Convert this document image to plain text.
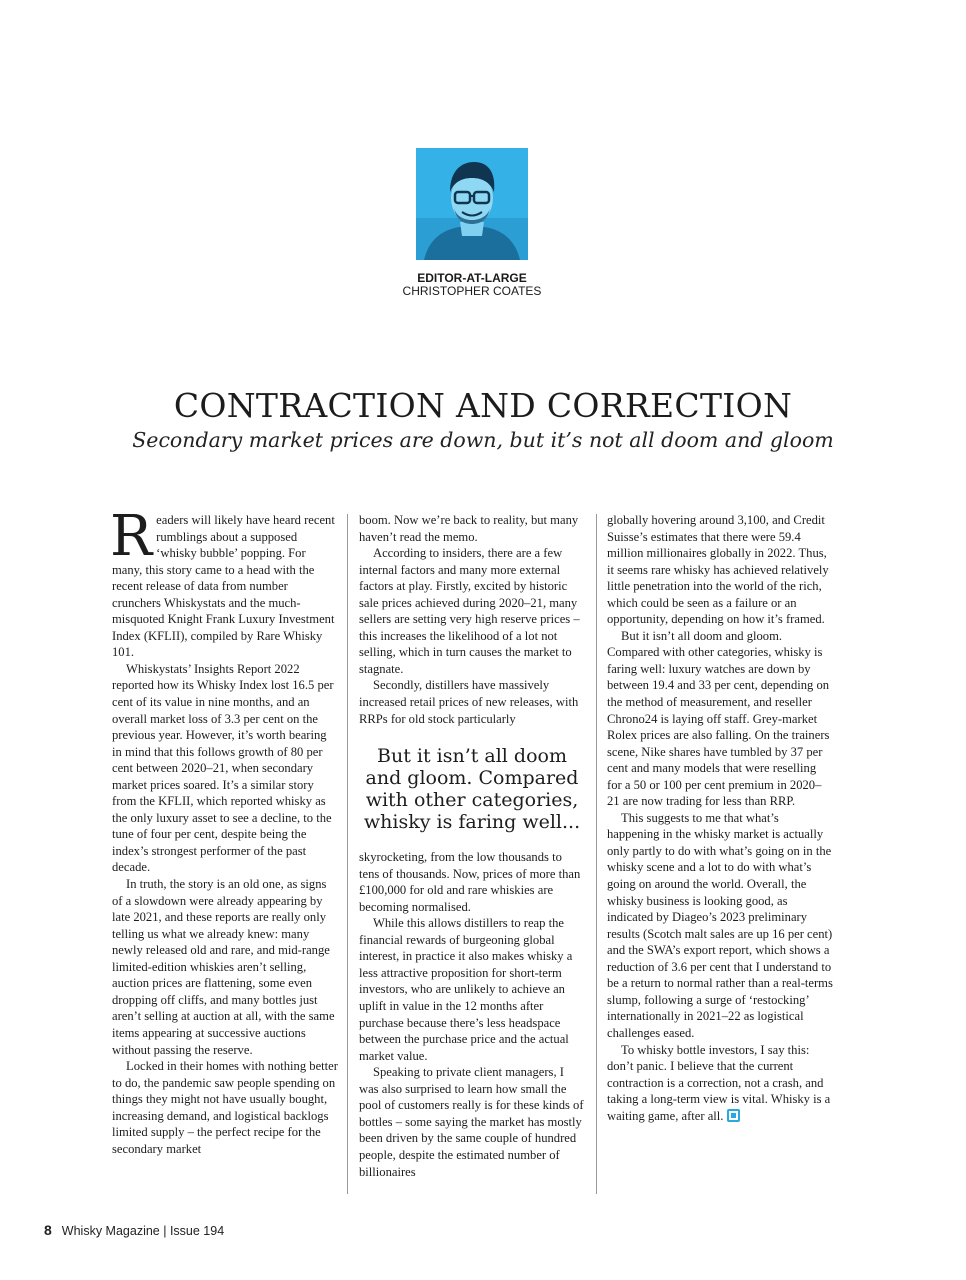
EDITOR-AT-LARGE
CHRISTOPHER COATES
CONTRACTION AND CORRECTION
Secondary market prices are down, but it’s not all doom and gloom

Readers will likely have heard recent rumblings about a supposed ‘whisky bubble’ popping. For many, this story came to a head with the recent release of data from number crunchers Whiskystats and the much-misquoted Knight Frank Luxury Investment Index (KFLII), compiled by Rare Whisky 101.

Whiskystats’ Insights Report 2022 reported how its Whisky Index lost 16.5 per cent of its value in nine months, and an overall market loss of 3.3 per cent on the previous year. However, it’s worth bearing in mind that this follows growth of 80 per cent between 2020–21, when secondary market prices soared. It’s a similar story from the KFLII, which reported whisky as the only luxury asset to see a decline, to the tune of four per cent, despite being the index’s strongest performer of the past decade.

In truth, the story is an old one, as signs of a slowdown were already appearing by late 2021, and these reports are really only telling us what we already knew: many newly released old and rare, and mid-range limited-edition whiskies aren’t selling, auction prices are flattening, some even dropping off cliffs, and many bottles just aren’t selling at auction at all, with the same items appearing at successive auctions without passing the reserve.

Locked in their homes with nothing better to do, the pandemic saw people spending on things they might not have usually bought, increasing demand, and logistical backlogs limited supply – the perfect recipe for the secondary market

boom. Now we’re back to reality, but many haven’t read the memo.

According to insiders, there are a few internal factors and many more external factors at play. Firstly, excited by historic sale prices achieved during 2020–21, many sellers are setting very high reserve prices – this increases the likelihood of a lot not selling, which in turn causes the market to stagnate.

Secondly, distillers have massively increased retail prices of new releases, with RRPs for old stock particularly

But it isn’t all doom and gloom. Compared with other categories, whisky is faring well...

skyrocketing, from the low thousands to tens of thousands. Now, prices of more than £100,000 for old and rare whiskies are becoming normalised.

While this allows distillers to reap the financial rewards of burgeoning global interest, in practice it also makes whisky a less attractive proposition for short-term investors, who are unlikely to achieve an uplift in value in the 12 months after purchase because there’s less headspace between the purchase price and the actual market value.

Speaking to private client managers, I was also surprised to learn how small the pool of customers really is for these kinds of bottles – some saying the market has mostly been driven by the same couple of hundred people, despite the estimated number of billionaires

globally hovering around 3,100, and Credit Suisse’s estimates that there were 59.4 million millionaires globally in 2022. Thus, it seems rare whisky has achieved relatively little penetration into the world of the rich, which could be seen as a failure or an opportunity, depending on how it’s framed.

But it isn’t all doom and gloom. Compared with other categories, whisky is faring well: luxury watches are down by between 19.4 and 33 per cent, depending on the method of measurement, and reseller Chrono24 is laying off staff. Grey-market Rolex prices are also falling. On the trainers scene, Nike shares have tumbled by 37 per cent and many models that were reselling for a 50 or 100 per cent premium in 2020–21 are now trading for less than RRP.

This suggests to me that what’s happening in the whisky market is actually only partly to do with what’s going on in the whisky scene and a lot to do with what’s going on around the world. Overall, the whisky business is looking good, as indicated by Diageo’s 2023 preliminary results (Scotch malt sales are up 16 per cent) and the SWA’s export report, which shows a reduction of 3.6 per cent that I understand to be a return to normal rather than a real-terms slump, following a surge of ‘restocking’ internationally in 2021–22 as logistical challenges eased.

To whisky bottle investors, I say this: don’t panic. I believe that the current contraction is a correction, not a crash, and taking a long-term view is vital. Whisky is a waiting game, after all.

8 Whisky Magazine | Issue 194
